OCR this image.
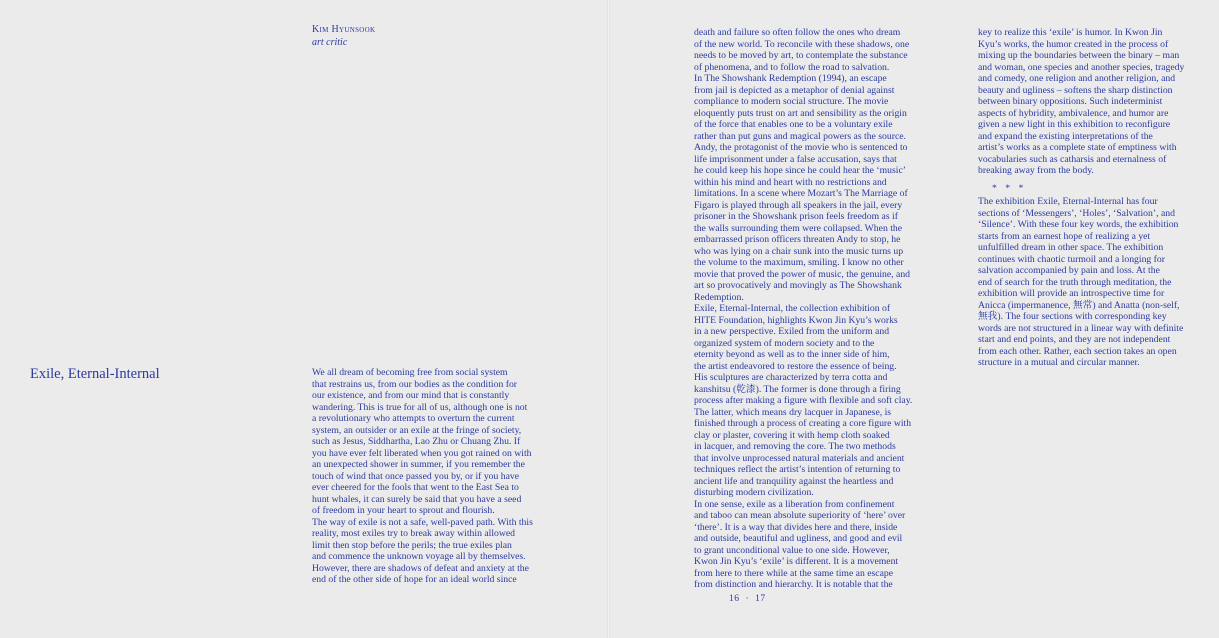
Kim Hyunsook
art critic
Exile, Eternal-Internal	We all dream of becoming free from social system
that restrains us, from our bodies as the condition for
our existence, and from our mind that is constantly
wandering. This is true for all of us, although one is not
a revolutionary who attempts to overturn the current
system, an outsider or an exile at the fringe of society,
such as Jesus, Siddhartha, Lao Zhu or Chuang Zhu. If
you have ever felt liberated when you got rained on with
an unexpected shower in summer, if you remember the
touch of wind that once passed you by, or if you have
ever cheered for the fools that went to the East Sea to
hunt whales, it can surely be said that you have a seed
of freedom in your heart to sprout and flourish.
The way of exile is not a safe, well-paved path. With this
reality, most exiles try to break away within allowed
limit then stop before the perils; the true exiles plan
and commence the unknown voyage all by themselves.
However, there are shadows of defeat and anxiety at the
end of the other side of hope for an ideal world since
death and failure so often follow the ones who dream
of the new world. To reconcile with these shadows, one
needs to be moved by art, to contemplate the substance
of phenomena, and to follow the road to salvation.
In The Showshank Redemption (1994), an escape
from jail is depicted as a metaphor of denial against
compliance to modern social structure. The movie
eloquently puts trust on art and sensibility as the origin
of the force that enables one to be a voluntary exile
rather than put guns and magical powers as the source.
Andy, the protagonist of the movie who is sentenced to
life imprisonment under a false accusation, says that
he could keep his hope since he could hear the ‘music’
within his mind and heart with no restrictions and
limitations. In a scene where Mozart’s The Marriage of
Figaro is played through all speakers in the jail, every
prisoner in the Showshank prison feels freedom as if
the walls surrounding them were collapsed. When the
embarrassed prison officers threaten Andy to stop, he
who was lying on a chair sunk into the music turns up
the volume to the maximum, smiling. I know no other
movie that proved the power of music, the genuine, and
art so provocatively and movingly as The Showshank
Redemption.
Exile, Eternal-Internal, the collection exhibition of
HITE Foundation, highlights Kwon Jin Kyu’s works
in a new perspective. Exiled from the uniform and
organized system of modern society and to the
eternity beyond as well as to the inner side of him,
the artist endeavored to restore the essence of being.
His sculptures are characterized by terra cotta and
kanshitsu (乾漆). The former is done through a firing
process after making a figure with flexible and soft clay.
The latter, which means dry lacquer in Japanese, is
finished through a process of creating a core figure with
clay or plaster, covering it with hemp cloth soaked
in lacquer, and removing the core. The two methods
that involve unprocessed natural materials and ancient
techniques reflect the artist’s intention of returning to
ancient life and tranquility against the heartless and
disturbing modern civilization.
In one sense, exile as a liberation from confinement
and taboo can mean absolute superiority of ‘here’ over
‘there’. It is a way that divides here and there, inside
and outside, beautiful and ugliness, and good and evil
to grant unconditional value to one side. However,
Kwon Jin Kyu’s ‘exile’ is different. It is a movement
from here to there while at the same time an escape
from distinction and hierarchy. It is notable that the
key to realize this ‘exile’ is humor. In Kwon Jin
Kyu’s works, the humor created in the process of
mixing up the boundaries between the binary – man
and woman, one species and another species, tragedy
and comedy, one religion and another religion, and
beauty and ugliness – softens the sharp distinction
between binary oppositions. Such indeterminist
aspects of hybridity, ambivalence, and humor are
given a new light in this exhibition to reconfigure
and expand the existing interpretations of the
artist’s works as a complete state of emptiness with
vocabularies such as catharsis and eternalness of
breaking away from the body.
* * *
The exhibition Exile, Eternal-Internal has four
sections of ‘Messengers’, ‘Holes’, ‘Salvation’, and
‘Silence’. With these four key words, the exhibition
starts from an earnest hope of realizing a yet
unfulfilled dream in other space. The exhibition
continues with chaotic turmoil and a longing for
salvation accompanied by pain and loss. At the
end of search for the truth through meditation, the
exhibition will provide an introspective time for
Anicca (impermanence, 無常) and Anatta (non-self,
無我). The four sections with corresponding key
words are not structured in a linear way with definite
start and end points, and they are not independent
from each other. Rather, each section takes an open
structure in a mutual and circular manner.
16 · 17
